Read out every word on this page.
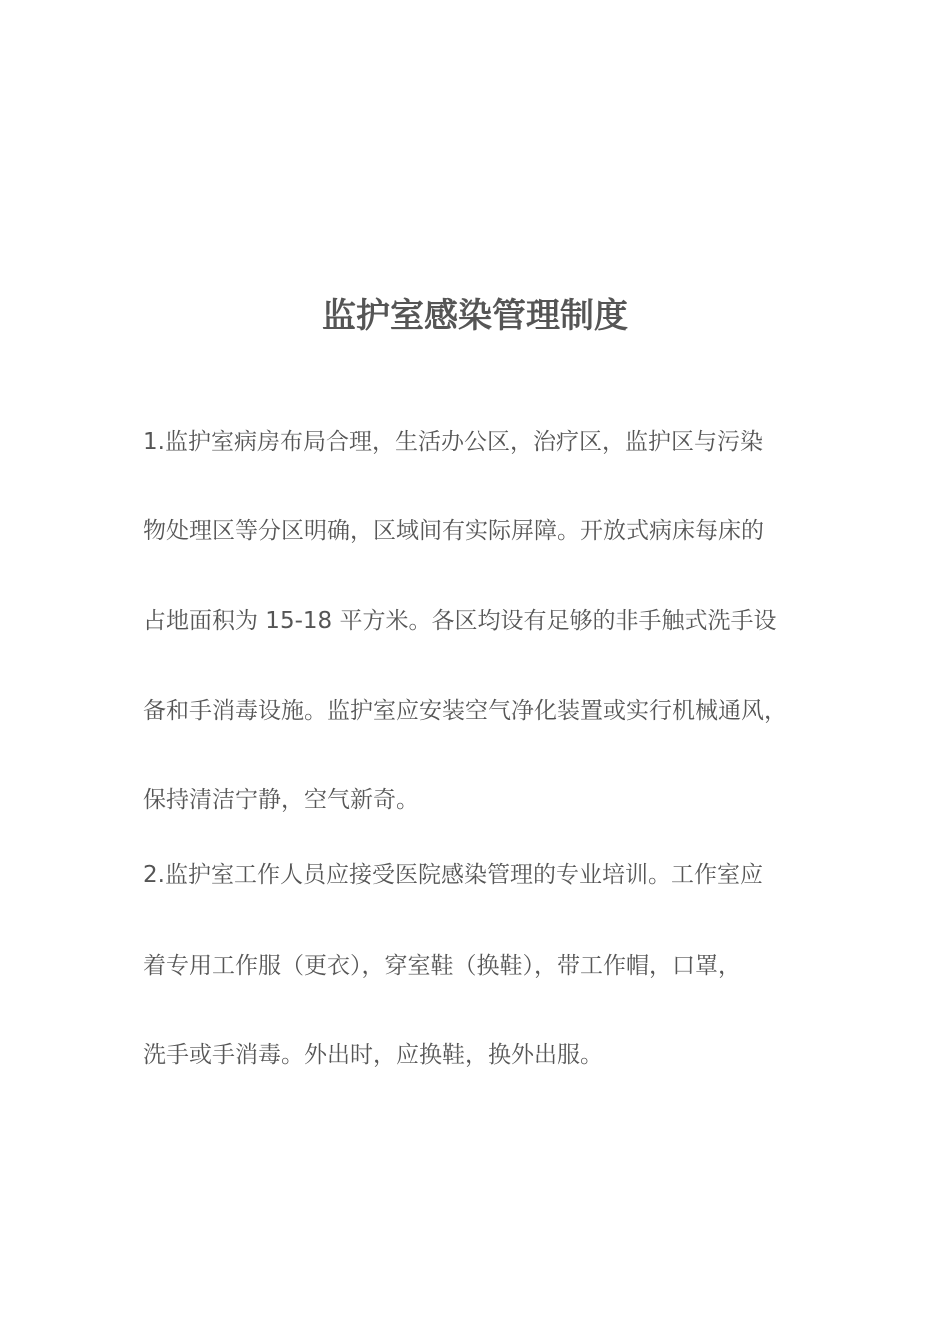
监护室感染管理制度

1.监护室病房布局合理，生活办公区，治疗区，监护区与污染

物处理区等分区明确，区域间有实际屏障。开放式病床每床的

占地面积为 15-18 平方米。各区均设有足够的非手触式洗手设

备和手消毒设施。监护室应安装空气净化装置或实行机械通风，

保持清洁宁静，空气新奇。

2.监护室工作人员应接受医院感染管理的专业培训。工作室应

着专用工作服（更衣），穿室鞋（换鞋），带工作帽，口罩，

洗手或手消毒。外出时，应换鞋，换外出服。
